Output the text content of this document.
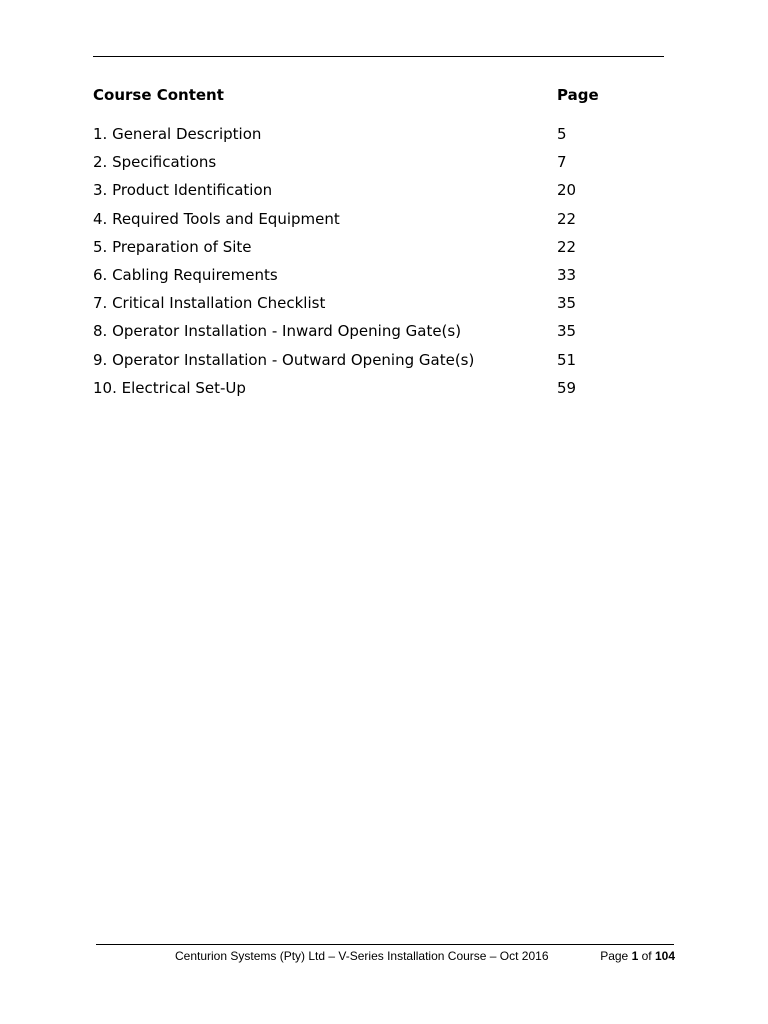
Course Content	Page
1. General Description	5
2. Specifications	7
3. Product Identification	20
4. Required Tools and Equipment	22
5. Preparation of Site	22
6. Cabling Requirements	33
7. Critical Installation Checklist	35
8. Operator Installation - Inward Opening Gate(s)	35
9. Operator Installation - Outward Opening Gate(s)	51
10. Electrical Set-Up	59
Centurion Systems (Pty) Ltd – V-Series Installation Course – Oct 2016	Page 1 of 104
